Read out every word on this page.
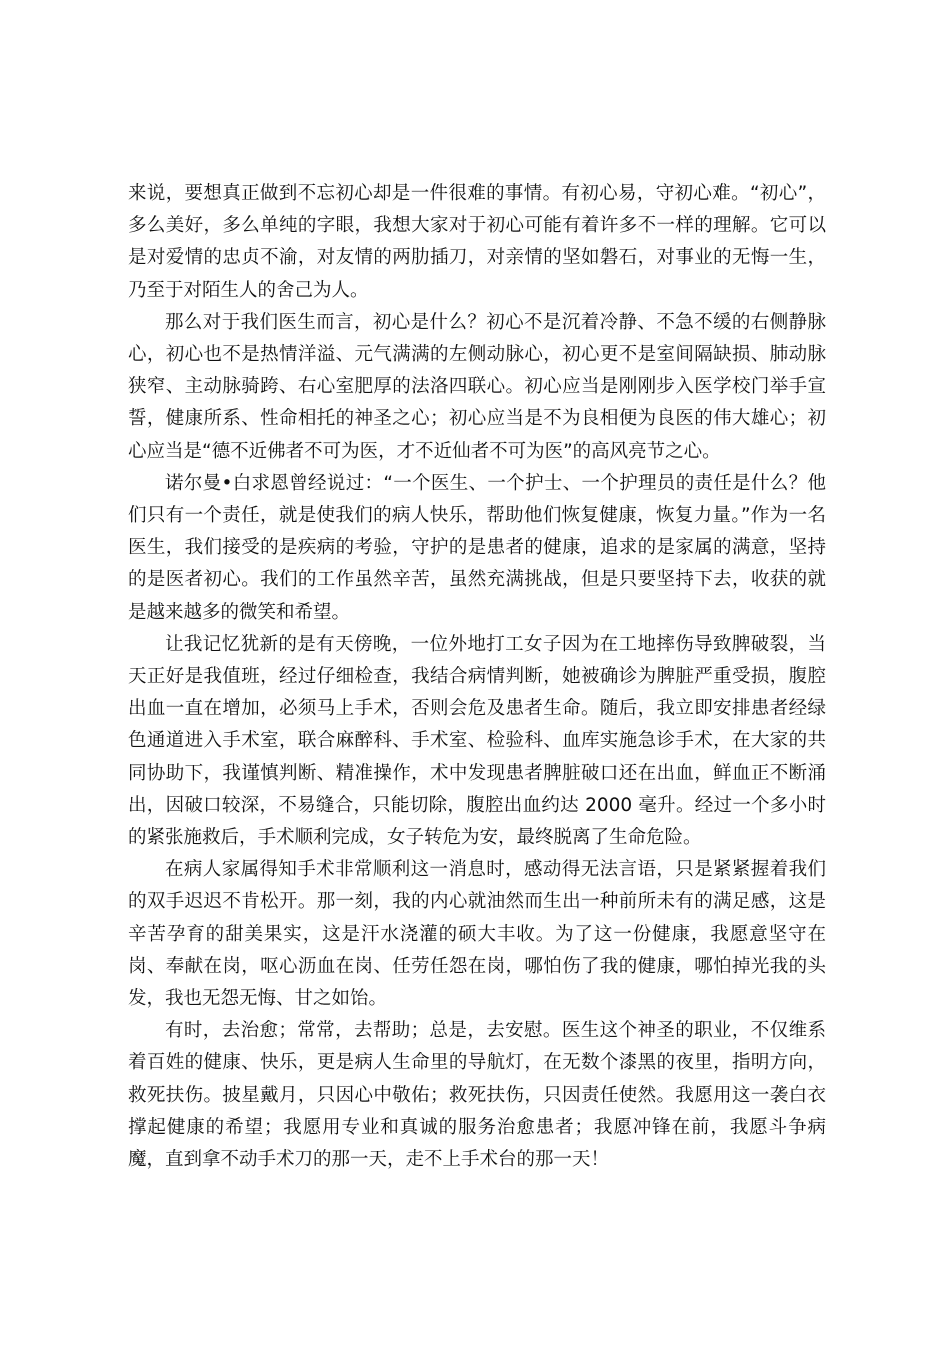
来说，要想真正做到不忘初心却是一件很难的事情。有初心易，守初心难。“初心”，多么美好，多么单纯的字眼，我想大家对于初心可能有着许多不一样的理解。它可以是对爱情的忠贞不渝，对友情的两肋插刀，对亲情的坚如磐石，对事业的无悔一生，乃至于对陌生人的舍己为人。

那么对于我们医生而言，初心是什么？初心不是沉着冷静、不急不缓的右侧静脉心，初心也不是热情洋溢、元气满满的左侧动脉心，初心更不是室间隔缺损、肺动脉狭窄、主动脉骑跨、右心室肥厚的法洛四联心。初心应当是刚刚步入医学校门举手宣誓，健康所系、性命相托的神圣之心；初心应当是不为良相便为良医的伟大雄心；初心应当是“德不近佛者不可为医，才不近仙者不可为医”的高风亮节之心。

诺尔曼•白求恩曾经说过：“一个医生、一个护士、一个护理员的责任是什么？他们只有一个责任，就是使我们的病人快乐，帮助他们恢复健康，恢复力量。”作为一名医生，我们接受的是疾病的考验，守护的是患者的健康，追求的是家属的满意，坚持的是医者初心。我们的工作虽然辛苦，虽然充满挑战，但是只要坚持下去，收获的就是越来越多的微笑和希望。

让我记忆犹新的是有天傍晚，一位外地打工女子因为在工地摔伤导致脾破裂，当天正好是我值班，经过仔细检查，我结合病情判断，她被确诊为脾脏严重受损，腹腔出血一直在增加，必须马上手术，否则会危及患者生命。随后，我立即安排患者经绿色通道进入手术室，联合麻醉科、手术室、检验科、血库实施急诊手术，在大家的共同协助下，我谨慎判断、精准操作，术中发现患者脾脏破口还在出血，鲜血正不断涌出，因破口较深，不易缝合，只能切除，腹腔出血约达 2000 毫升。经过一个多小时的紧张施救后，手术顺利完成，女子转危为安，最终脱离了生命危险。

在病人家属得知手术非常顺利这一消息时，感动得无法言语，只是紧紧握着我们的双手迟迟不肯松开。那一刻，我的内心就油然而生出一种前所未有的满足感，这是辛苦孕育的甜美果实，这是汗水浇灌的硕大丰收。为了这一份健康，我愿意坚守在岗、奉献在岗，呕心沥血在岗、任劳任怨在岗，哪怕伤了我的健康，哪怕掉光我的头发，我也无怨无悔、甘之如饴。

有时，去治愈；常常，去帮助；总是，去安慰。医生这个神圣的职业，不仅维系着百姓的健康、快乐，更是病人生命里的导航灯，在无数个漆黑的夜里，指明方向，救死扶伤。披星戴月，只因心中敬佑；救死扶伤，只因责任使然。我愿用这一袭白衣撑起健康的希望；我愿用专业和真诚的服务治愈患者；我愿冲锋在前，我愿斗争病魔，直到拿不动手术刀的那一天，走不上手术台的那一天！
